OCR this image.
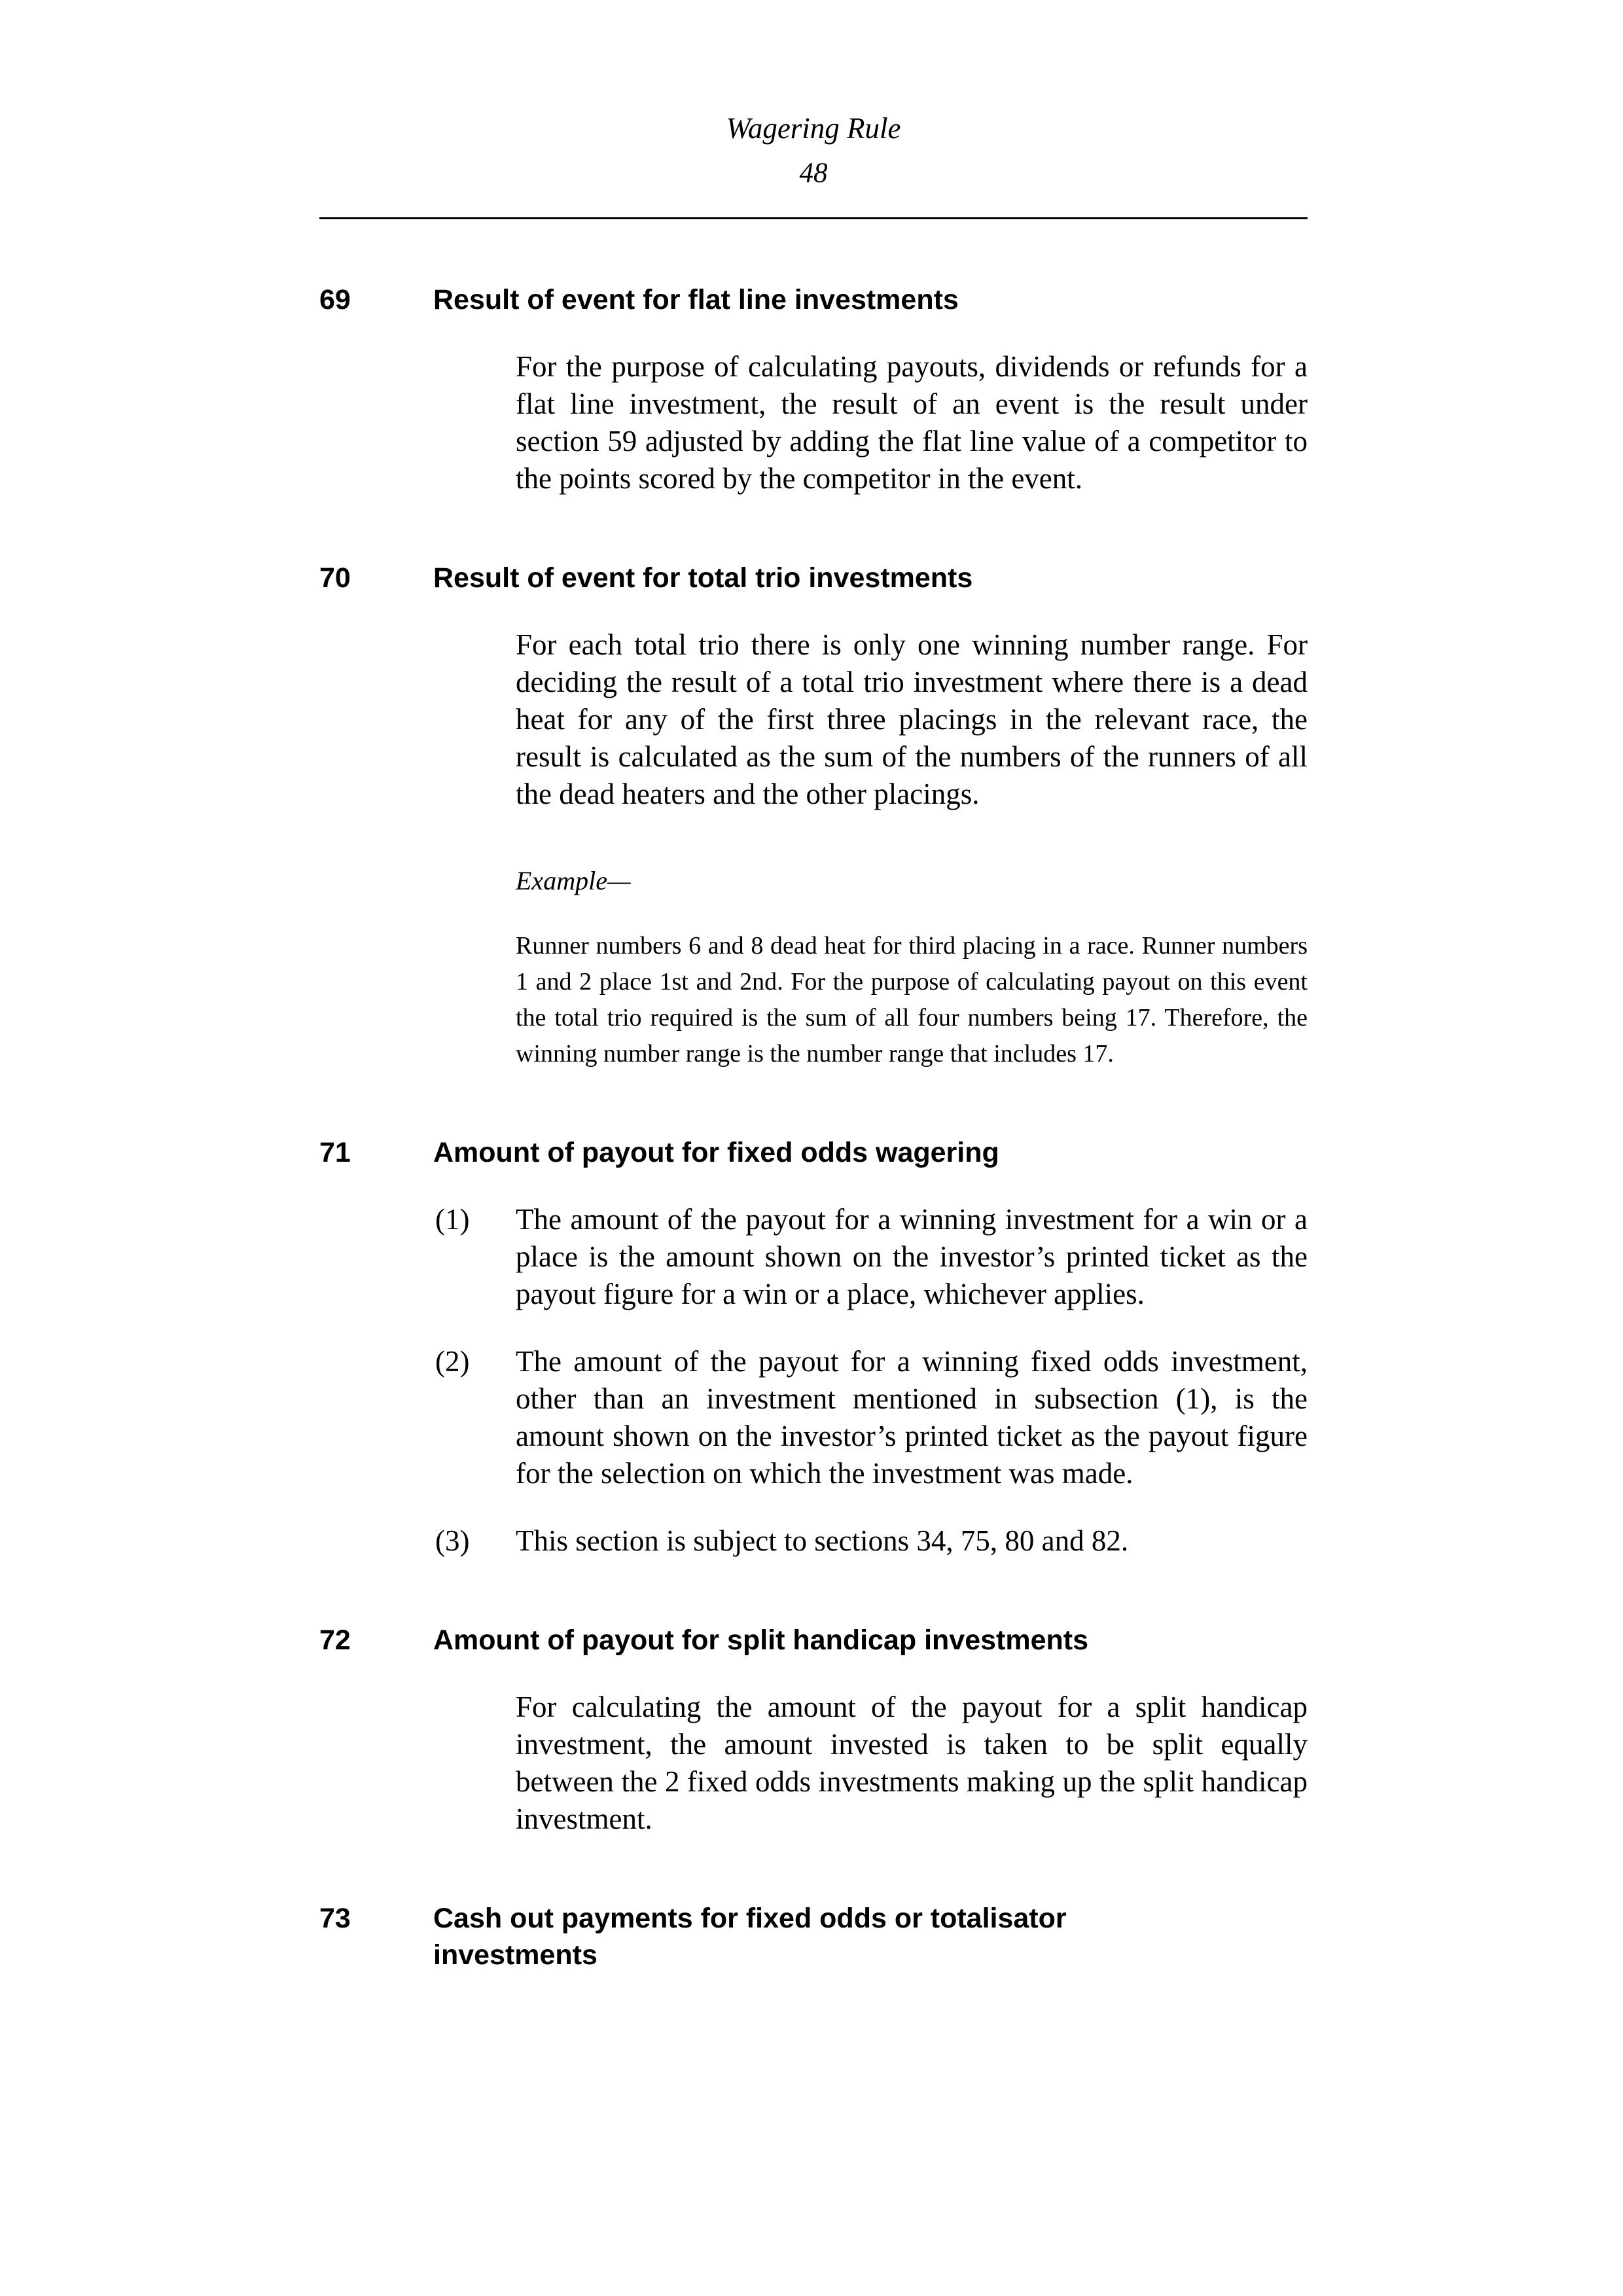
Wagering Rule
48
69	Result of event for flat line investments
For the purpose of calculating payouts, dividends or refunds for a flat line investment, the result of an event is the result under section 59 adjusted by adding the flat line value of a competitor to the points scored by the competitor in the event.
70	Result of event for total trio investments
For each total trio there is only one winning number range. For deciding the result of a total trio investment where there is a dead heat for any of the first three placings in the relevant race, the result is calculated as the sum of the numbers of the runners of all the dead heaters and the other placings.
Example—
Runner numbers 6 and 8 dead heat for third placing in a race. Runner numbers 1 and 2 place 1st and 2nd. For the purpose of calculating payout on this event the total trio required is the sum of all four numbers being 17. Therefore, the winning number range is the number range that includes 17.
71	Amount of payout for fixed odds wagering
(1)	The amount of the payout for a winning investment for a win or a place is the amount shown on the investor’s printed ticket as the payout figure for a win or a place, whichever applies.
(2)	The amount of the payout for a winning fixed odds investment, other than an investment mentioned in subsection (1), is the amount shown on the investor’s printed ticket as the payout figure for the selection on which the investment was made.
(3)	This section is subject to sections 34, 75, 80 and 82.
72	Amount of payout for split handicap investments
For calculating the amount of the payout for a split handicap investment, the amount invested is taken to be split equally between the 2 fixed odds investments making up the split handicap investment.
73	Cash out payments for fixed odds or totalisator investments
